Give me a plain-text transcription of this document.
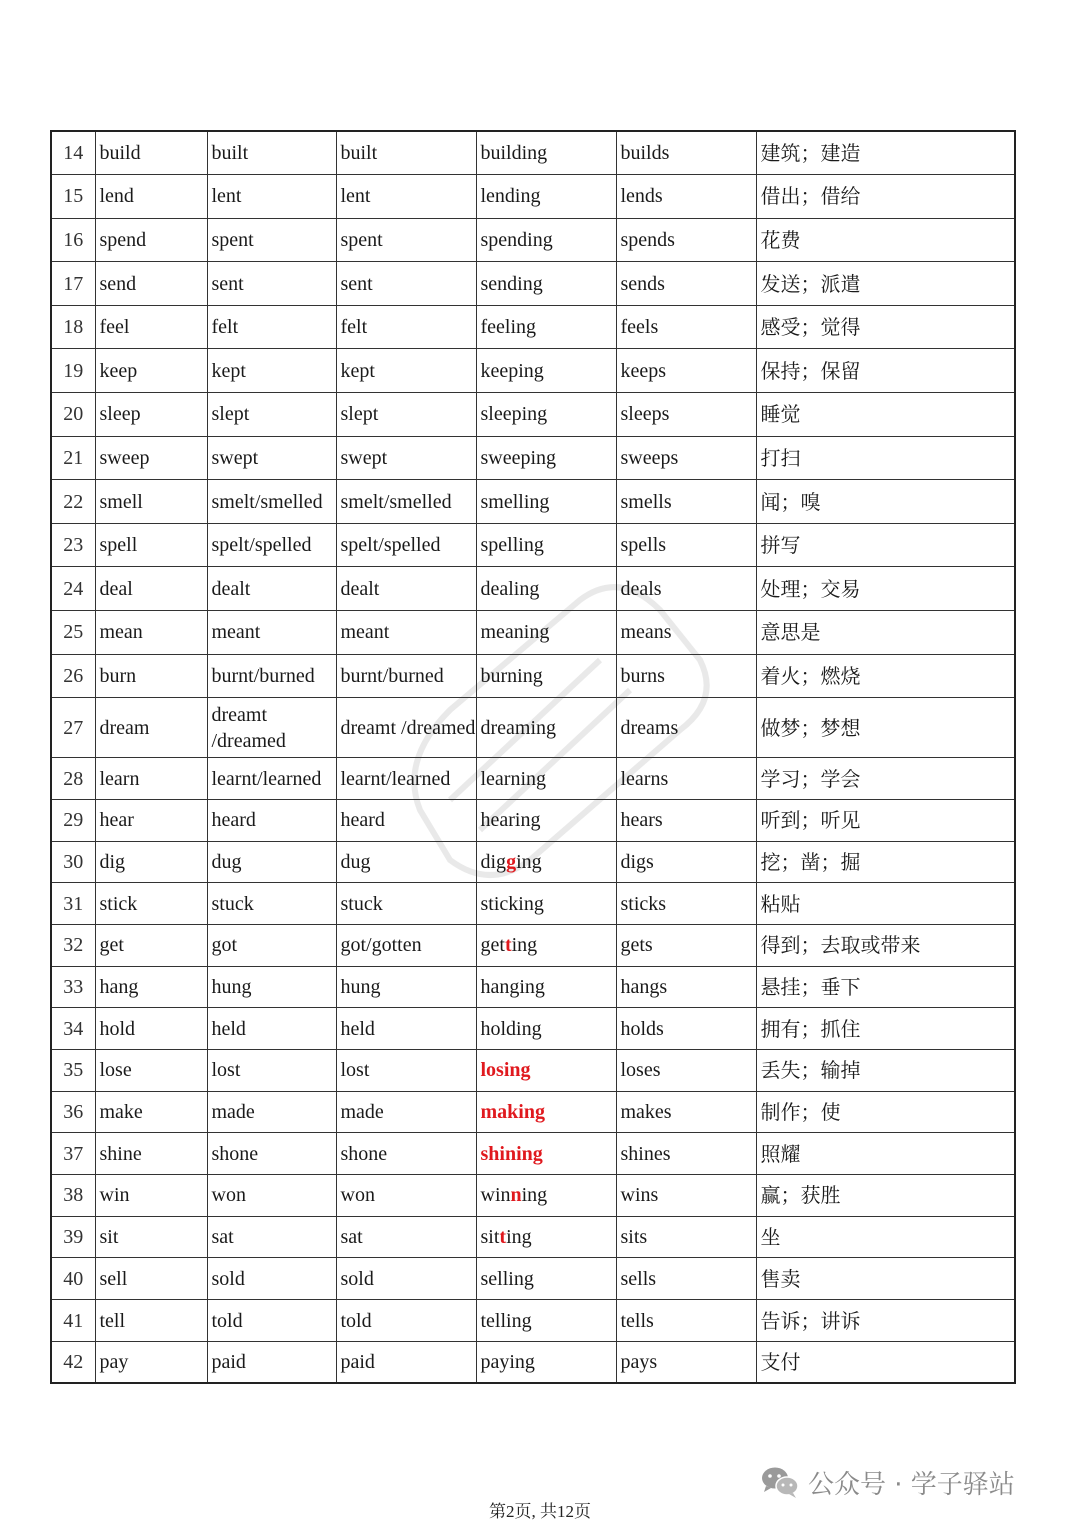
14	build	built	built	building	builds	建筑；建造
15	lend	lent	lent	lending	lends	借出；借给
16	spend	spent	spent	spending	spends	花费
17	send	sent	sent	sending	sends	发送；派遣
18	feel	felt	felt	feeling	feels	感受；觉得
19	keep	kept	kept	keeping	keeps	保持；保留
20	sleep	slept	slept	sleeping	sleeps	睡觉
21	sweep	swept	swept	sweeping	sweeps	打扫
22	smell	smelt/smelled	smelt/smelled	smelling	smells	闻；嗅
23	spell	spelt/spelled	spelt/spelled	spelling	spells	拼写
24	deal	dealt	dealt	dealing	deals	处理；交易
25	mean	meant	meant	meaning	means	意思是
26	burn	burnt/burned	burnt/burned	burning	burns	着火；燃烧
27	dream	dreamt /dreamed	dreamt /dreamed	dreaming	dreams	做梦；梦想
28	learn	learnt/learned	learnt/learned	learning	learns	学习；学会
29	hear	heard	heard	hearing	hears	听到；听见
30	dig	dug	dug	digging	digs	挖；凿；掘
31	stick	stuck	stuck	sticking	sticks	粘贴
32	get	got	got/gotten	getting	gets	得到；去取或带来
33	hang	hung	hung	hanging	hangs	悬挂；垂下
34	hold	held	held	holding	holds	拥有；抓住
35	lose	lost	lost	losing	loses	丢失；输掉
36	make	made	made	making	makes	制作；使
37	shine	shone	shone	shining	shines	照耀
38	win	won	won	winning	wins	赢；获胜
39	sit	sat	sat	sitting	sits	坐
40	sell	sold	sold	selling	sells	售卖
41	tell	told	told	telling	tells	告诉；讲诉
42	pay	paid	paid	paying	pays	支付
公众号 · 学子驿站
第2页, 共12页
